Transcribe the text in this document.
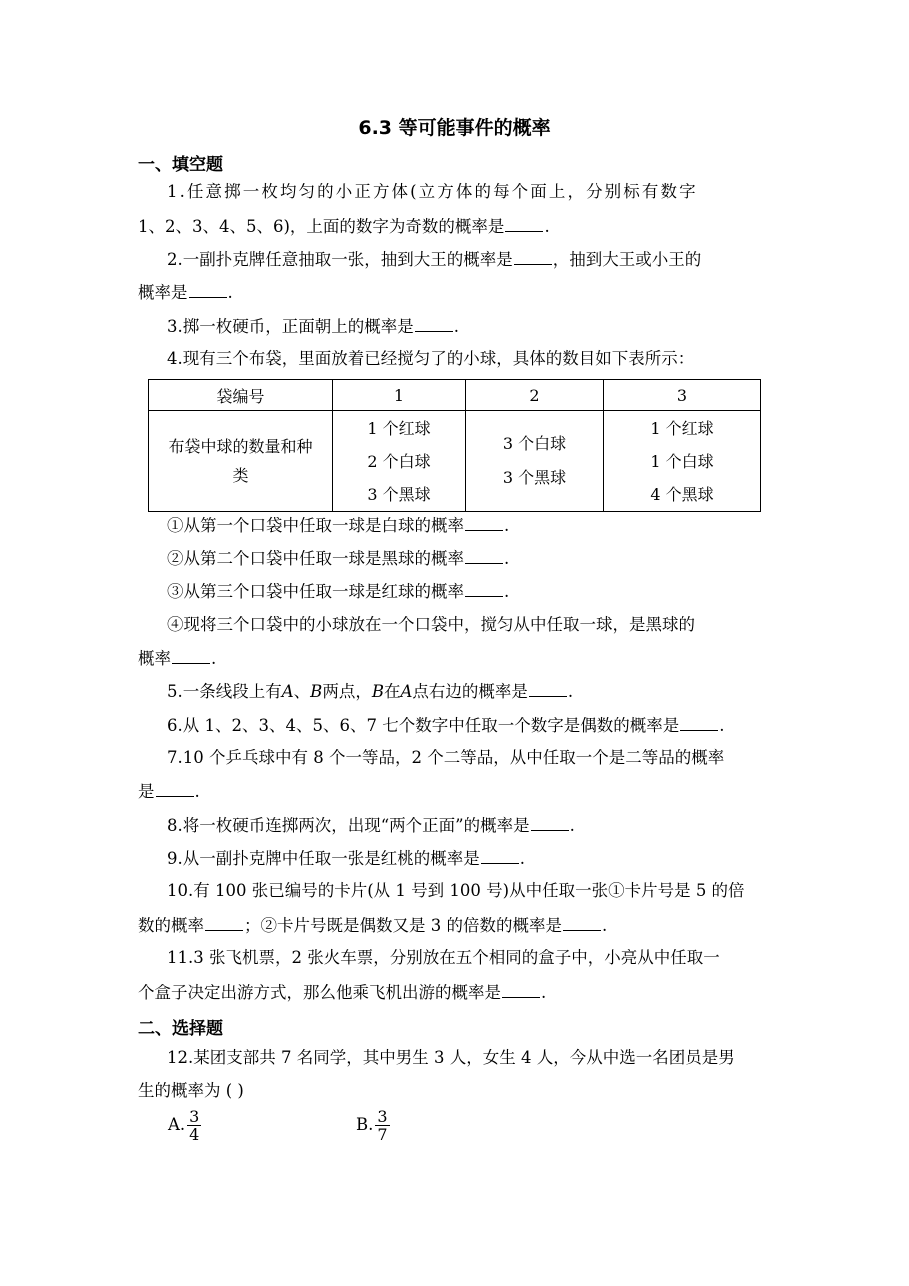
6.3 等可能事件的概率
一、填空题
1.任意掷一枚均匀的小正方体(立方体的每个面上，分别标有数字
1、2、3、4、5、6)，上面的数字为奇数的概率是 .
2.一副扑克牌任意抽取一张，抽到大王的概率是 ，抽到大王或小王的
概率是 .
3.掷一枚硬币，正面朝上的概率是 .
4.现有三个布袋，里面放着已经搅匀了的小球，具体的数目如下表所示：
袋编号	1	2	3

布袋中球的数量和种
类	1 个红球
2 个白球
3 个黑球	3 个白球
3 个黑球	1 个红球
1 个白球
4 个黑球
①从第一个口袋中任取一球是白球的概率 .
②从第二个口袋中任取一球是黑球的概率 .
③从第三个口袋中任取一球是红球的概率 .
④现将三个口袋中的小球放在一个口袋中，搅匀从中任取一球，是黑球的
概率 .
5.一条线段上有A、B两点，B在A点右边的概率是 .
6.从 1、2、3、4、5、6、7 七个数字中任取一个数字是偶数的概率是 .
7.10 个乒乓球中有 8 个一等品，2 个二等品，从中任取一个是二等品的概率
是 .
8.将一枚硬币连掷两次，出现“两个正面”的概率是 .
9.从一副扑克牌中任取一张是红桃的概率是 .
10.有 100 张已编号的卡片(从 1 号到 100 号)从中任取一张①卡片号是 5 的倍
数的概率 ；②卡片号既是偶数又是 3 的倍数的概率是 .
11.3 张飞机票，2 张火车票，分别放在五个相同的盒子中，小亮从中任取一
个盒子决定出游方式，那么他乘飞机出游的概率是 .
二、选择题
12.某团支部共 7 名同学，其中男生 3 人，女生 4 人，今从中选一名团员是男
生的概率为 ( )
A. $\frac{3}{4}$	B. $\frac{3}{7}$
